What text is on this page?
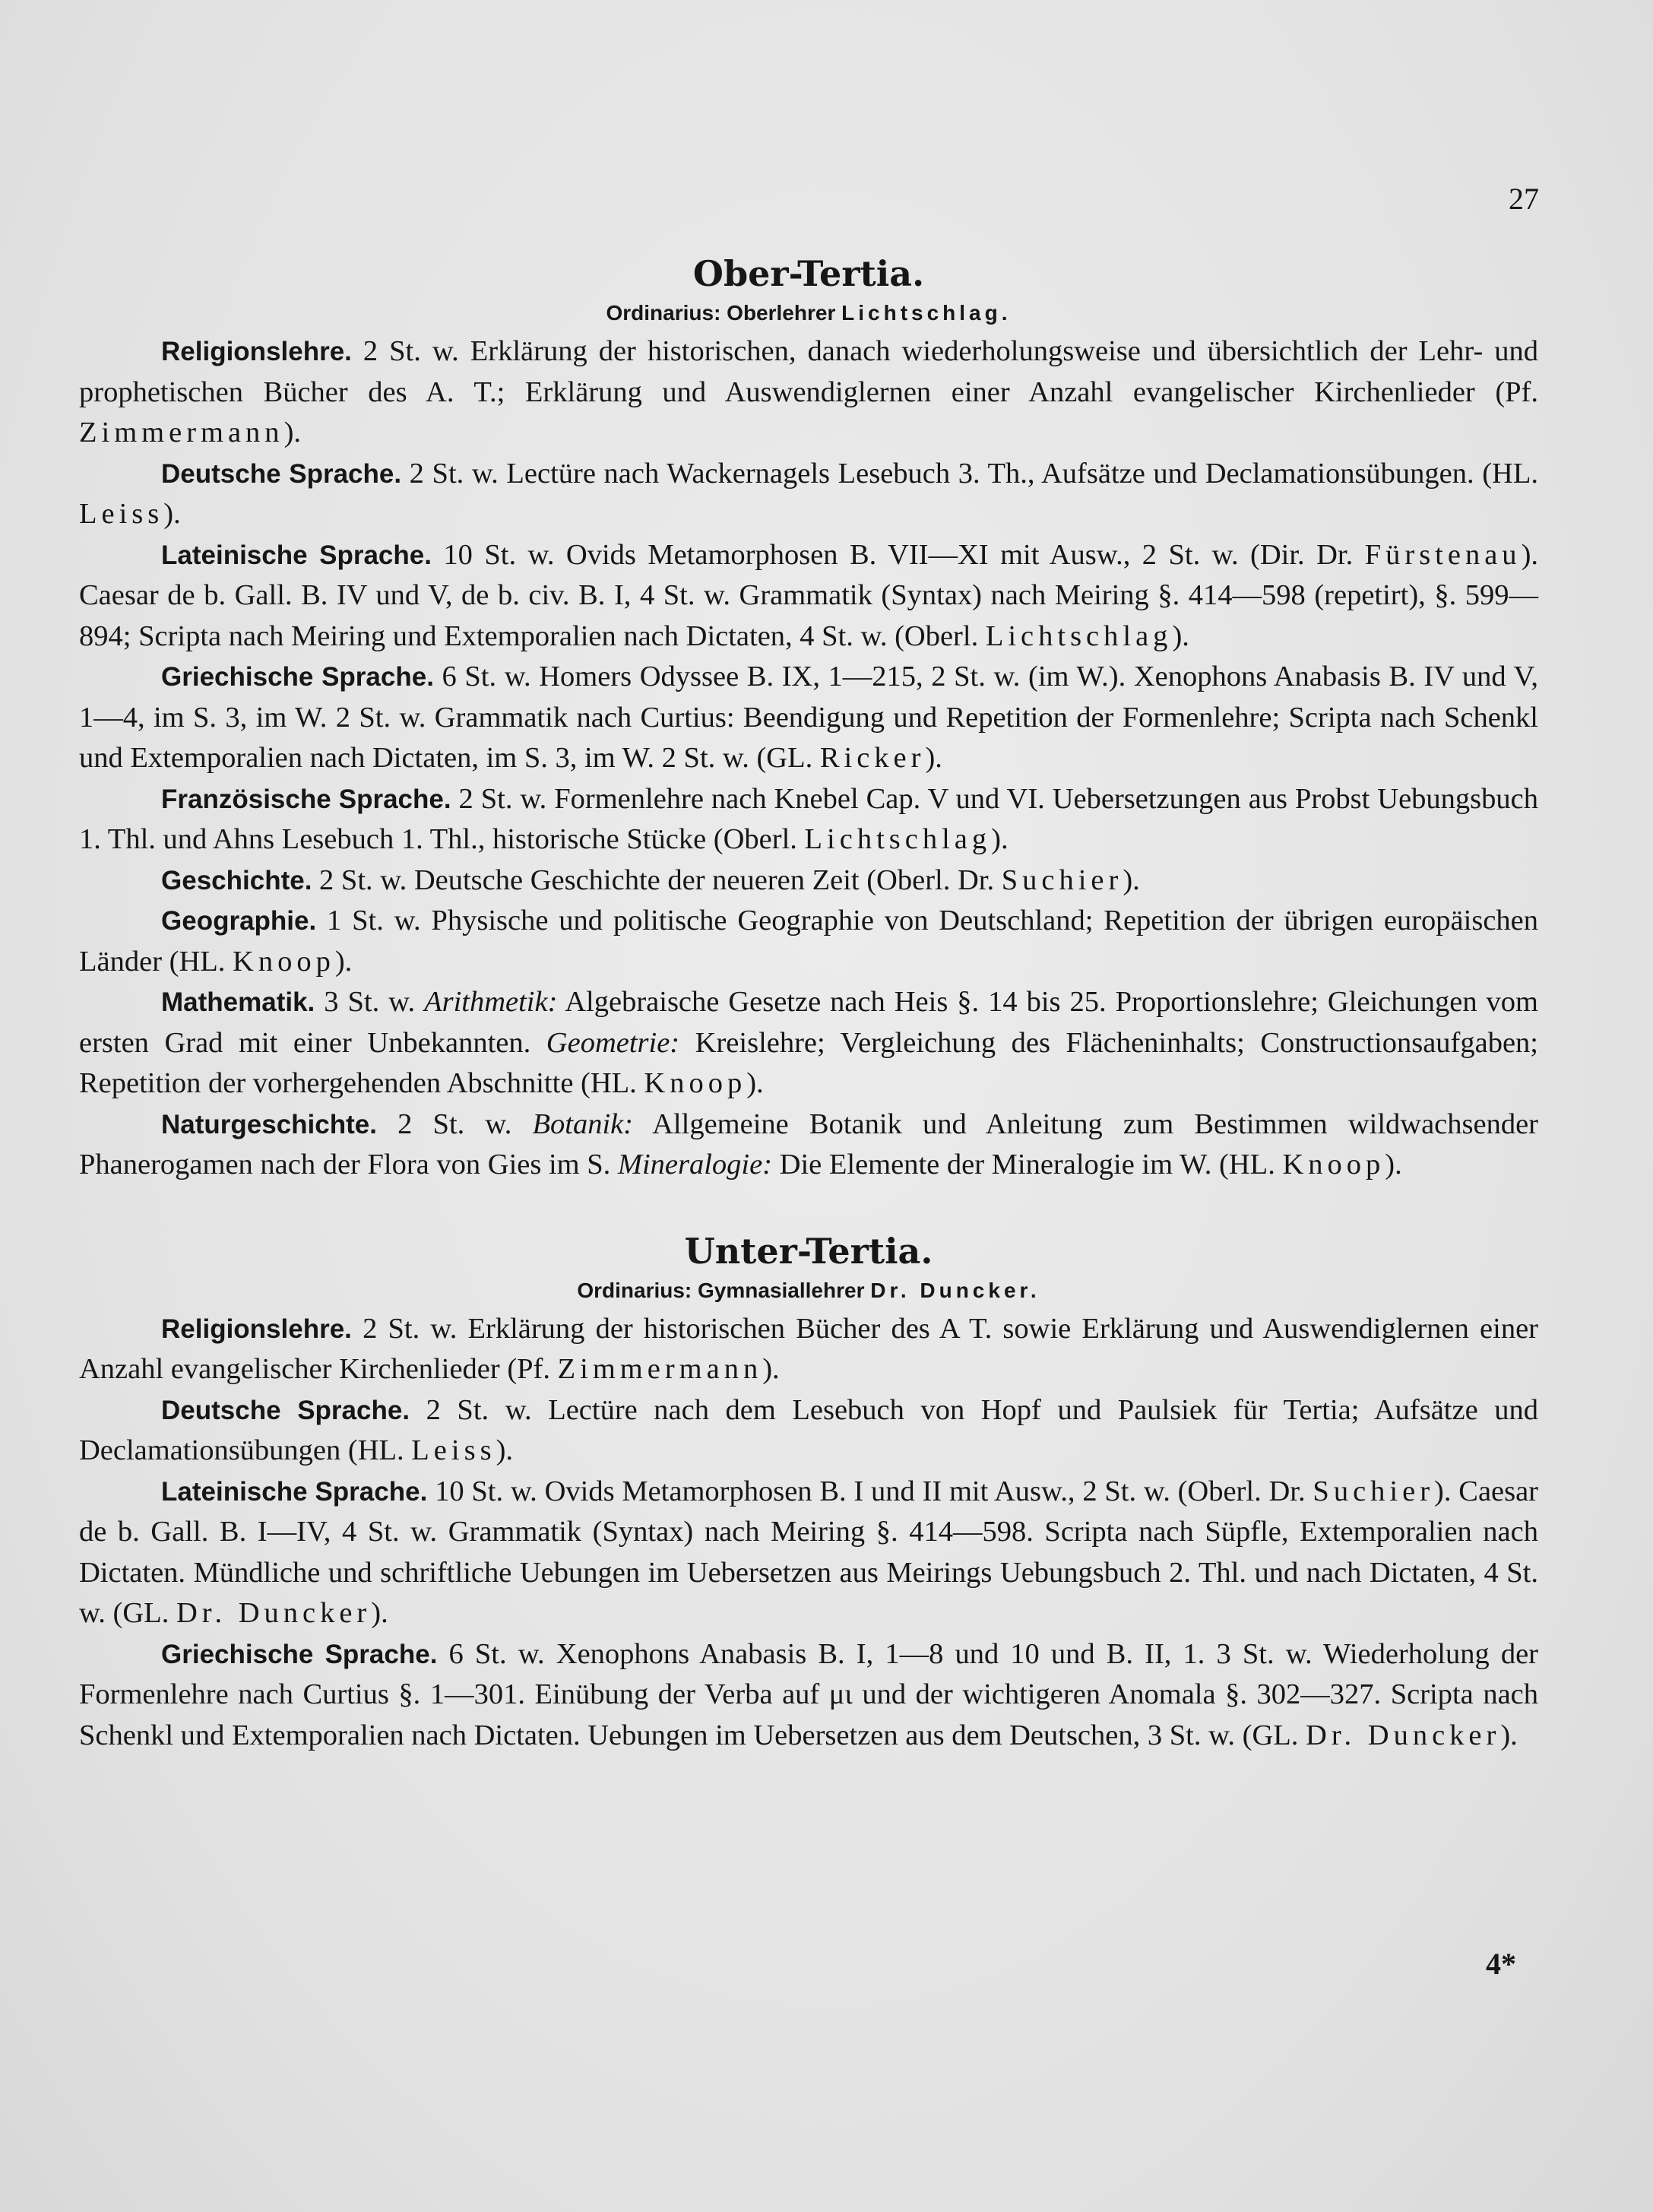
27
Ober-Tertia.
Ordinarius: Oberlehrer Lichtschlag.

Religionslehre. 2 St. w. Erklärung der historischen, danach wiederholungsweise und übersichtlich der Lehr- und prophetischen Bücher des A. T.; Erklärung und Auswendiglernen einer Anzahl evangelischer Kirchenlieder (Pf. Zimmermann).

Deutsche Sprache. 2 St. w. Lectüre nach Wackernagels Lesebuch 3. Th., Aufsätze und Declamationsübungen. (HL. Leiss).

Lateinische Sprache. 10 St. w. Ovids Metamorphosen B. VII—XI mit Ausw., 2 St. w. (Dir. Dr. Fürstenau). Caesar de b. Gall. B. IV und V, de b. civ. B. I, 4 St. w. Grammatik (Syntax) nach Meiring §. 414—598 (repetirt), §. 599—894; Scripta nach Meiring und Extemporalien nach Dictaten, 4 St. w. (Oberl. Lichtschlag).

Griechische Sprache. 6 St. w. Homers Odyssee B. IX, 1—215, 2 St. w. (im W.). Xenophons Anabasis B. IV und V, 1—4, im S. 3, im W. 2 St. w. Grammatik nach Curtius: Beendigung und Repetition der Formenlehre; Scripta nach Schenkl und Extemporalien nach Dictaten, im S. 3, im W. 2 St. w. (GL. Ricker).

Französische Sprache. 2 St. w. Formenlehre nach Knebel Cap. V und VI. Uebersetzungen aus Probst Uebungsbuch 1. Thl. und Ahns Lesebuch 1. Thl., historische Stücke (Oberl. Lichtschlag).

Geschichte. 2 St. w. Deutsche Geschichte der neueren Zeit (Oberl. Dr. Suchier).

Geographie. 1 St. w. Physische und politische Geographie von Deutschland; Repetition der übrigen europäischen Länder (HL. Knoop).

Mathematik. 3 St. w. Arithmetik: Algebraische Gesetze nach Heis §. 14 bis 25. Proportionslehre; Gleichungen vom ersten Grad mit einer Unbekannten. Geometrie: Kreislehre; Vergleichung des Flächeninhalts; Constructionsaufgaben; Repetition der vorhergehenden Abschnitte (HL. Knoop).

Naturgeschichte. 2 St. w. Botanik: Allgemeine Botanik und Anleitung zum Bestimmen wildwachsender Phanerogamen nach der Flora von Gies im S. Mineralogie: Die Elemente der Mineralogie im W. (HL. Knoop).

Unter-Tertia.
Ordinarius: Gymnasiallehrer Dr. Duncker.

Religionslehre. 2 St. w. Erklärung der historischen Bücher des A T. sowie Erklärung und Auswendiglernen einer Anzahl evangelischer Kirchenlieder (Pf. Zimmermann).

Deutsche Sprache. 2 St. w. Lectüre nach dem Lesebuch von Hopf und Paulsiek für Tertia; Aufsätze und Declamationsübungen (HL. Leiss).

Lateinische Sprache. 10 St. w. Ovids Metamorphosen B. I und II mit Ausw., 2 St. w. (Oberl. Dr. Suchier). Caesar de b. Gall. B. I—IV, 4 St. w. Grammatik (Syntax) nach Meiring §. 414—598. Scripta nach Süpfle, Extemporalien nach Dictaten. Mündliche und schriftliche Uebungen im Uebersetzen aus Meirings Uebungsbuch 2. Thl. und nach Dictaten, 4 St. w. (GL. Dr. Duncker).

Griechische Sprache. 6 St. w. Xenophons Anabasis B. I, 1—8 und 10 und B. II, 1. 3 St. w. Wiederholung der Formenlehre nach Curtius §. 1—301. Einübung der Verba auf μι und der wichtigeren Anomala §. 302—327. Scripta nach Schenkl und Extemporalien nach Dictaten. Uebungen im Uebersetzen aus dem Deutschen, 3 St. w. (GL. Dr. Duncker).

4*
